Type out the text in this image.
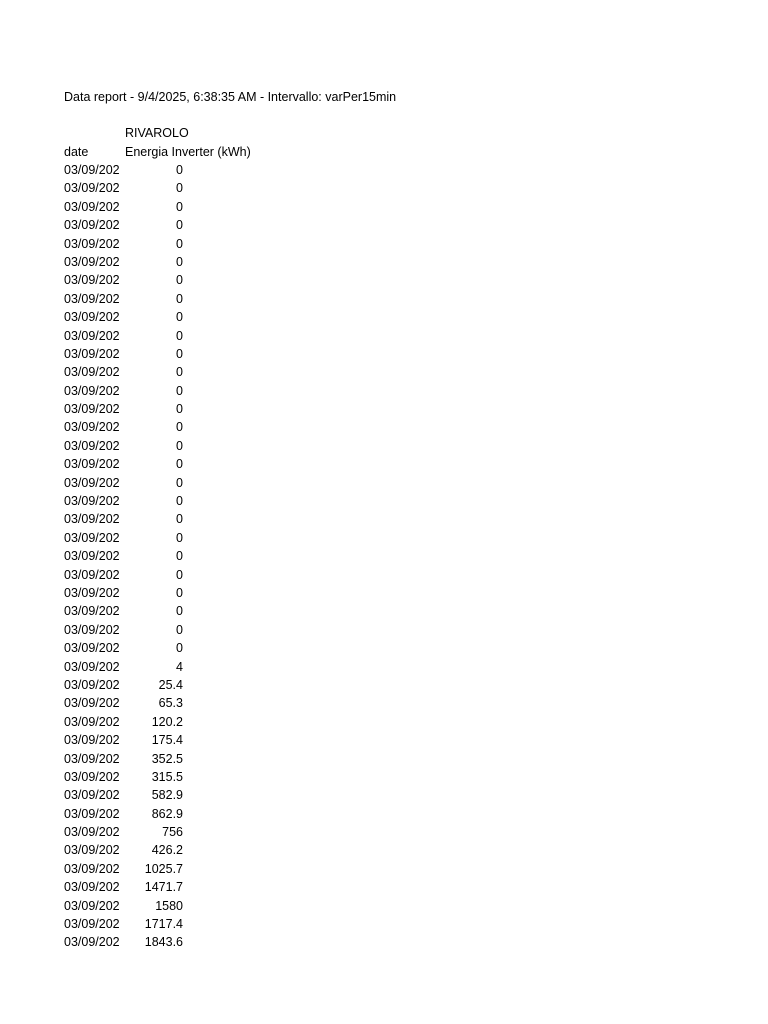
Data report - 9/4/2025, 6:38:35 AM - Intervallo: varPer15min
RIVAROLO
date	Energia Inverter (kWh)
03/09/202	0
03/09/202	0
03/09/202	0
03/09/202	0
03/09/202	0
03/09/202	0
03/09/202	0
03/09/202	0
03/09/202	0
03/09/202	0
03/09/202	0
03/09/202	0
03/09/202	0
03/09/202	0
03/09/202	0
03/09/202	0
03/09/202	0
03/09/202	0
03/09/202	0
03/09/202	0
03/09/202	0
03/09/202	0
03/09/202	0
03/09/202	0
03/09/202	0
03/09/202	0
03/09/202	0
03/09/202	4
03/09/202	25.4
03/09/202	65.3
03/09/202	120.2
03/09/202	175.4
03/09/202	352.5
03/09/202	315.5
03/09/202	582.9
03/09/202	862.9
03/09/202	756
03/09/202	426.2
03/09/202	1025.7
03/09/202	1471.7
03/09/202	1580
03/09/202	1717.4
03/09/202	1843.6
